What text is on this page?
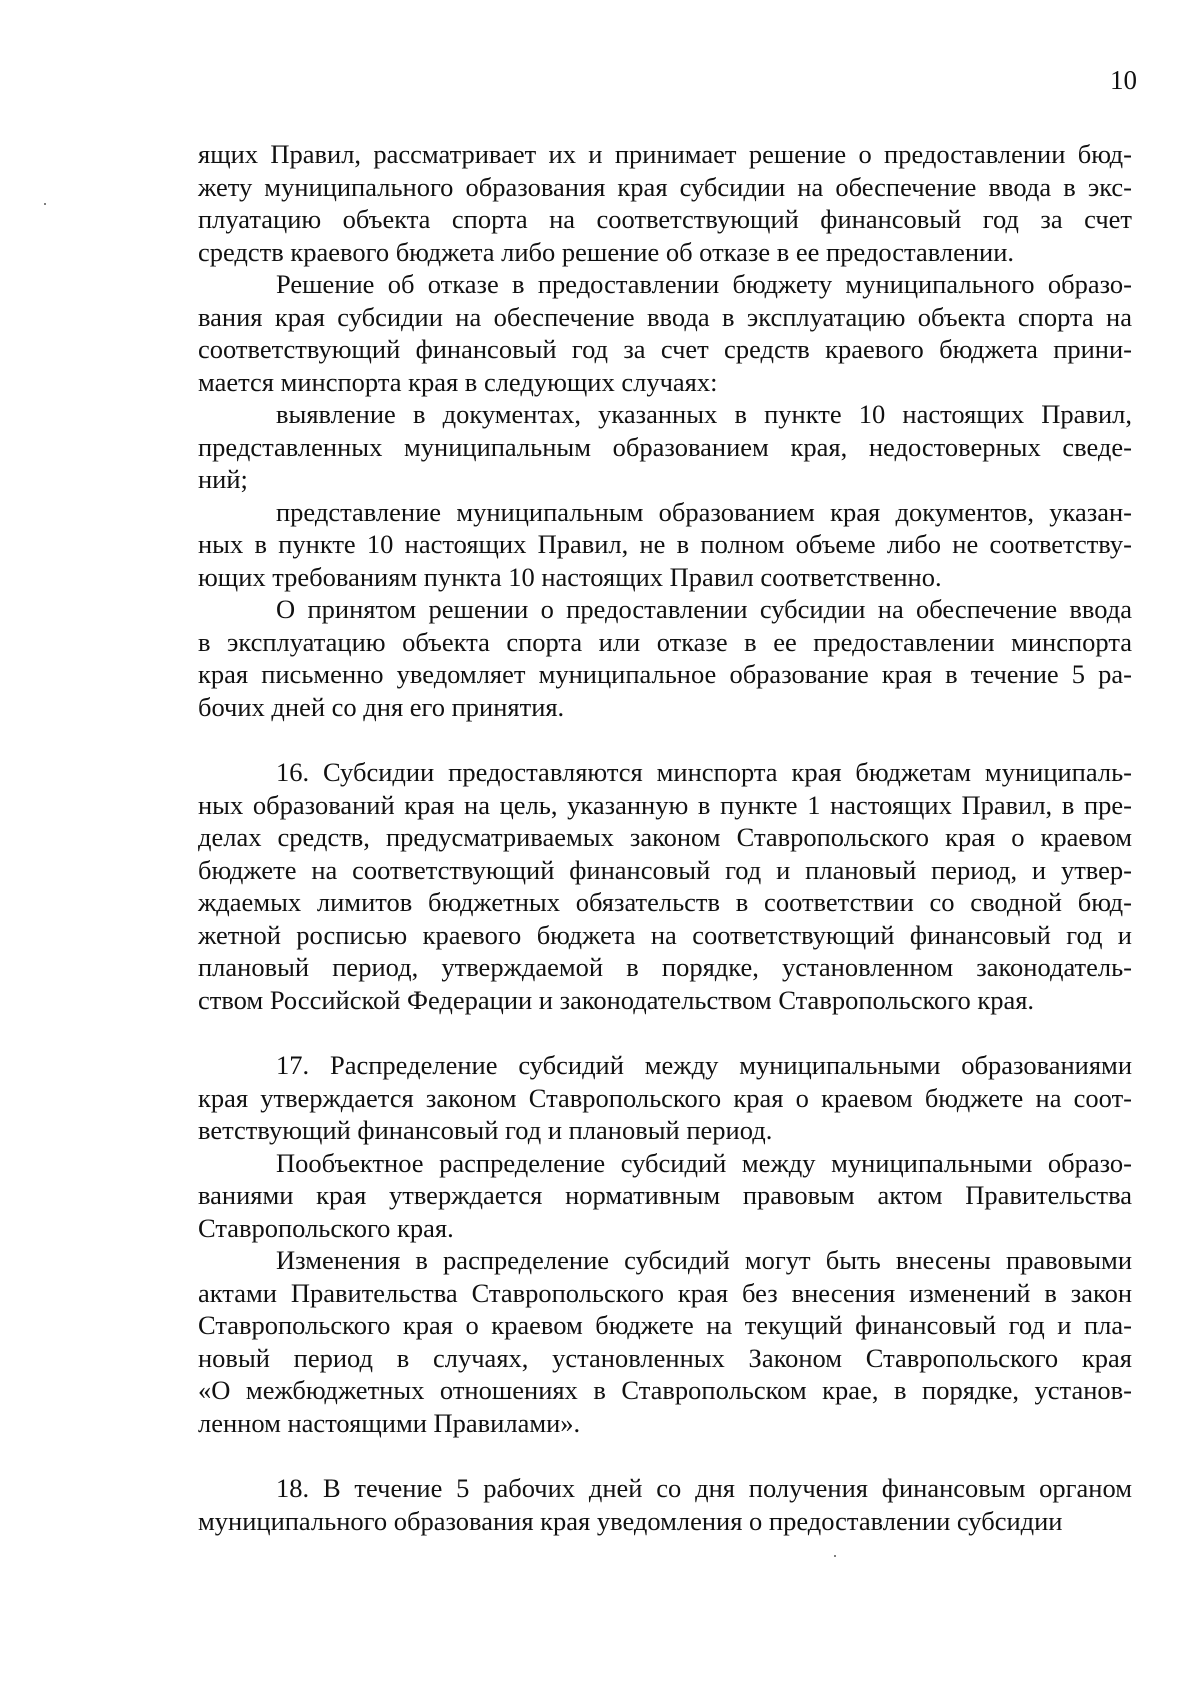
10
ящих Правил, рассматривает их и принимает решение о предоставлении бюд-
жету муниципального образования края субсидии на обеспечение ввода в экс-
плуатацию объекта спорта на соответствующий финансовый год за счет
средств краевого бюджета либо решение об отказе в ее предоставлении.
Решение об отказе в предоставлении бюджету муниципального образо-
вания края субсидии на обеспечение ввода в эксплуатацию объекта спорта на
соответствующий финансовый год за счет средств краевого бюджета прини-
мается минспорта края в следующих случаях:
выявление в документах, указанных в пункте 10 настоящих Правил,
представленных муниципальным образованием края, недостоверных сведе-
ний;
представление муниципальным образованием края документов, указан-
ных в пункте 10 настоящих Правил, не в полном объеме либо не соответству-
ющих требованиям пункта 10 настоящих Правил соответственно.
О принятом решении о предоставлении субсидии на обеспечение ввода
в эксплуатацию объекта спорта или отказе в ее предоставлении минспорта
края письменно уведомляет муниципальное образование края в течение 5 ра-
бочих дней со дня его принятия.
16. Субсидии предоставляются минспорта края бюджетам муниципаль-
ных образований края на цель, указанную в пункте 1 настоящих Правил, в пре-
делах средств, предусматриваемых законом Ставропольского края о краевом
бюджете на соответствующий финансовый год и плановый период, и утвер-
ждаемых лимитов бюджетных обязательств в соответствии со сводной бюд-
жетной росписью краевого бюджета на соответствующий финансовый год и
плановый период, утверждаемой в порядке, установленном законодатель-
ством Российской Федерации и законодательством Ставропольского края.
17. Распределение субсидий между муниципальными образованиями
края утверждается законом Ставропольского края о краевом бюджете на соот-
ветствующий финансовый год и плановый период.
Пообъектное распределение субсидий между муниципальными образо-
ваниями края утверждается нормативным правовым актом Правительства
Ставропольского края.
Изменения в распределение субсидий могут быть внесены правовыми
актами Правительства Ставропольского края без внесения изменений в закон
Ставропольского края о краевом бюджете на текущий финансовый год и пла-
новый период в случаях, установленных Законом Ставропольского края
«О межбюджетных отношениях в Ставропольском крае, в порядке, установ-
ленном настоящими Правилами».
18. В течение 5 рабочих дней со дня получения финансовым органом
муниципального образования края уведомления о предоставлении субсидии
